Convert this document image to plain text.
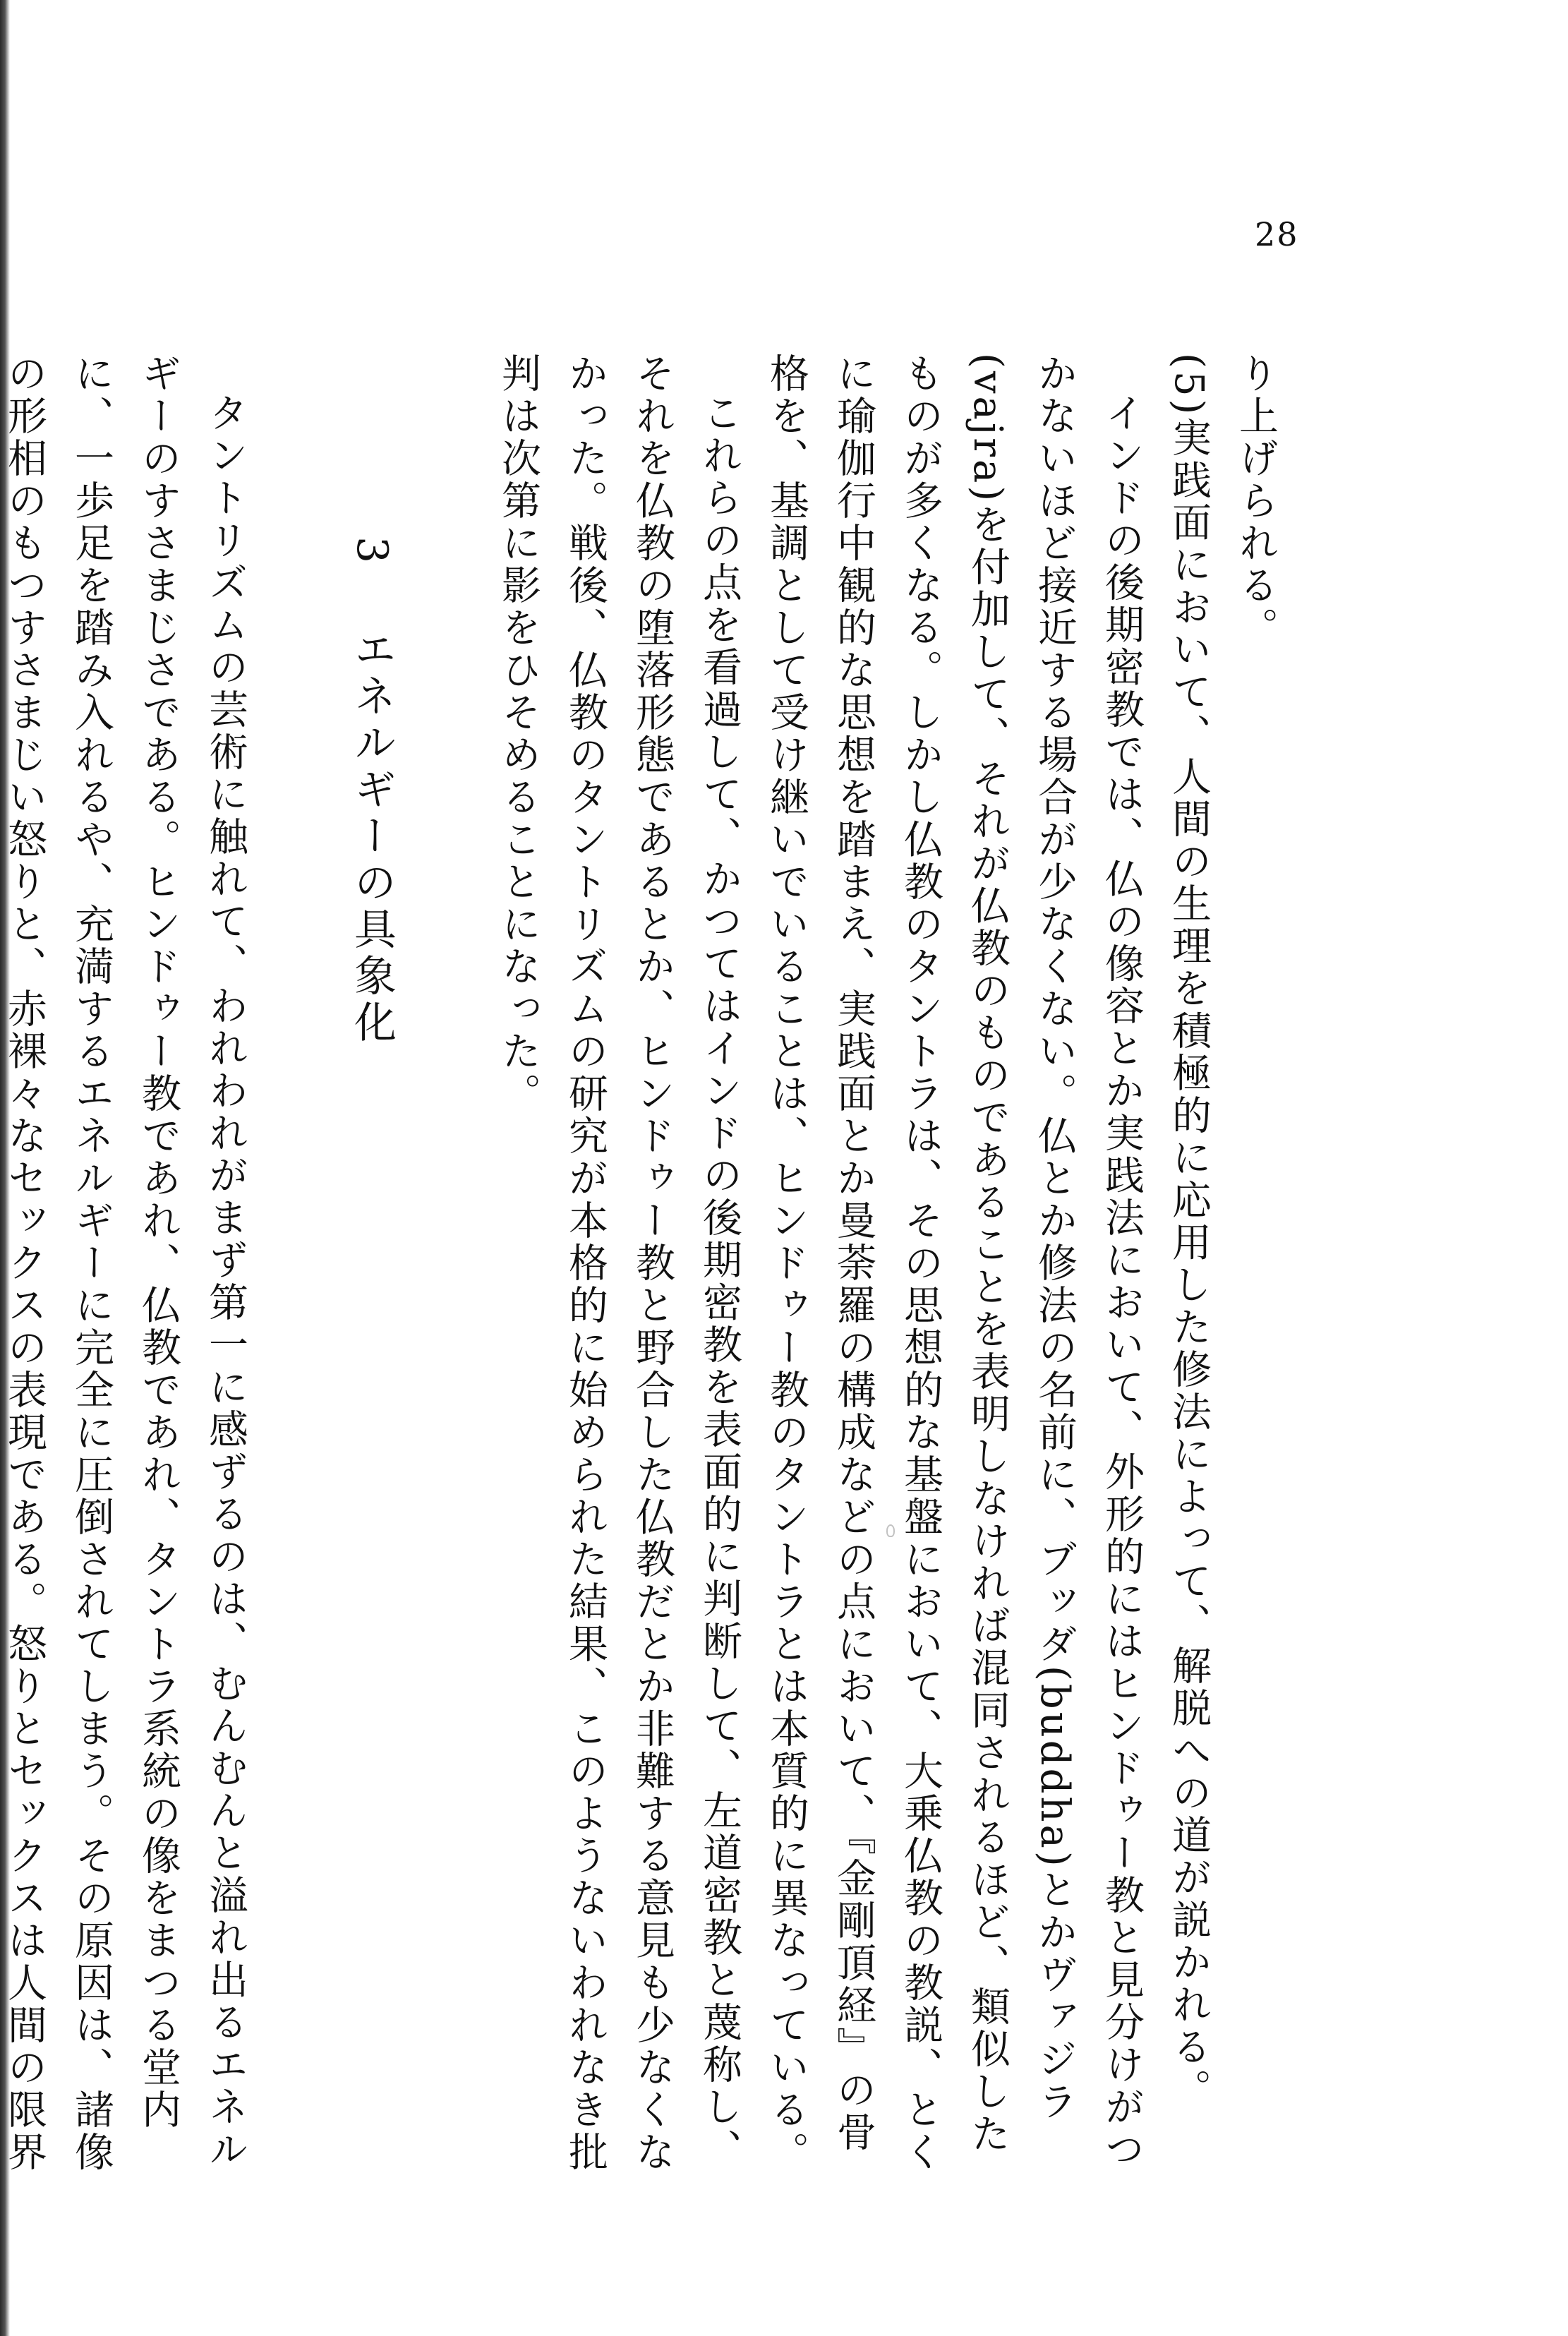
28

り上げられる。

(5)実践面において、人間の生理を積極的に応用した修法によって、解脱への道が説かれる。

インドの後期密教では、仏の像容とか実践法において、外形的にはヒンドゥー教と見分けがつかないほど接近する場合が少なくない。仏とか修法の名前に、ブッダ(buddha)とかヴァジラ(vajra)を付加して、それが仏教のものであることを表明しなければ混同されるほど、類似したものが多くなる。しかし仏教のタントラは、その思想的な基盤において、大乗仏教の教説、とくに瑜伽行中観的な思想を踏まえ、実践面とか曼荼羅の構成などの点において、『金剛頂経』の骨格を、基調として受け継いでいることは、ヒンドゥー教のタントラとは本質的に異なっている。

これらの点を看過して、かつてはインドの後期密教を表面的に判断して、左道密教と蔑称し、それを仏教の堕落形態であるとか、ヒンドゥー教と野合した仏教だとか非難する意見も少なくなかった。戦後、仏教のタントリズムの研究が本格的に始められた結果、このようないわれなき批判は次第に影をひそめることになった。

3 エネルギーの具象化

タントリズムの芸術に触れて、われわれがまず第一に感ずるのは、むんむんと溢れ出るエネルギーのすさまじさである。ヒンドゥー教であれ、仏教であれ、タントラ系統の像をまつる堂内に、一歩足を踏み入れるや、充満するエネルギーに完全に圧倒されてしまう。その原因は、諸像の形相のもつすさまじい怒りと、赤裸々なセックスの表現である。怒りとセックスは人間の限界
